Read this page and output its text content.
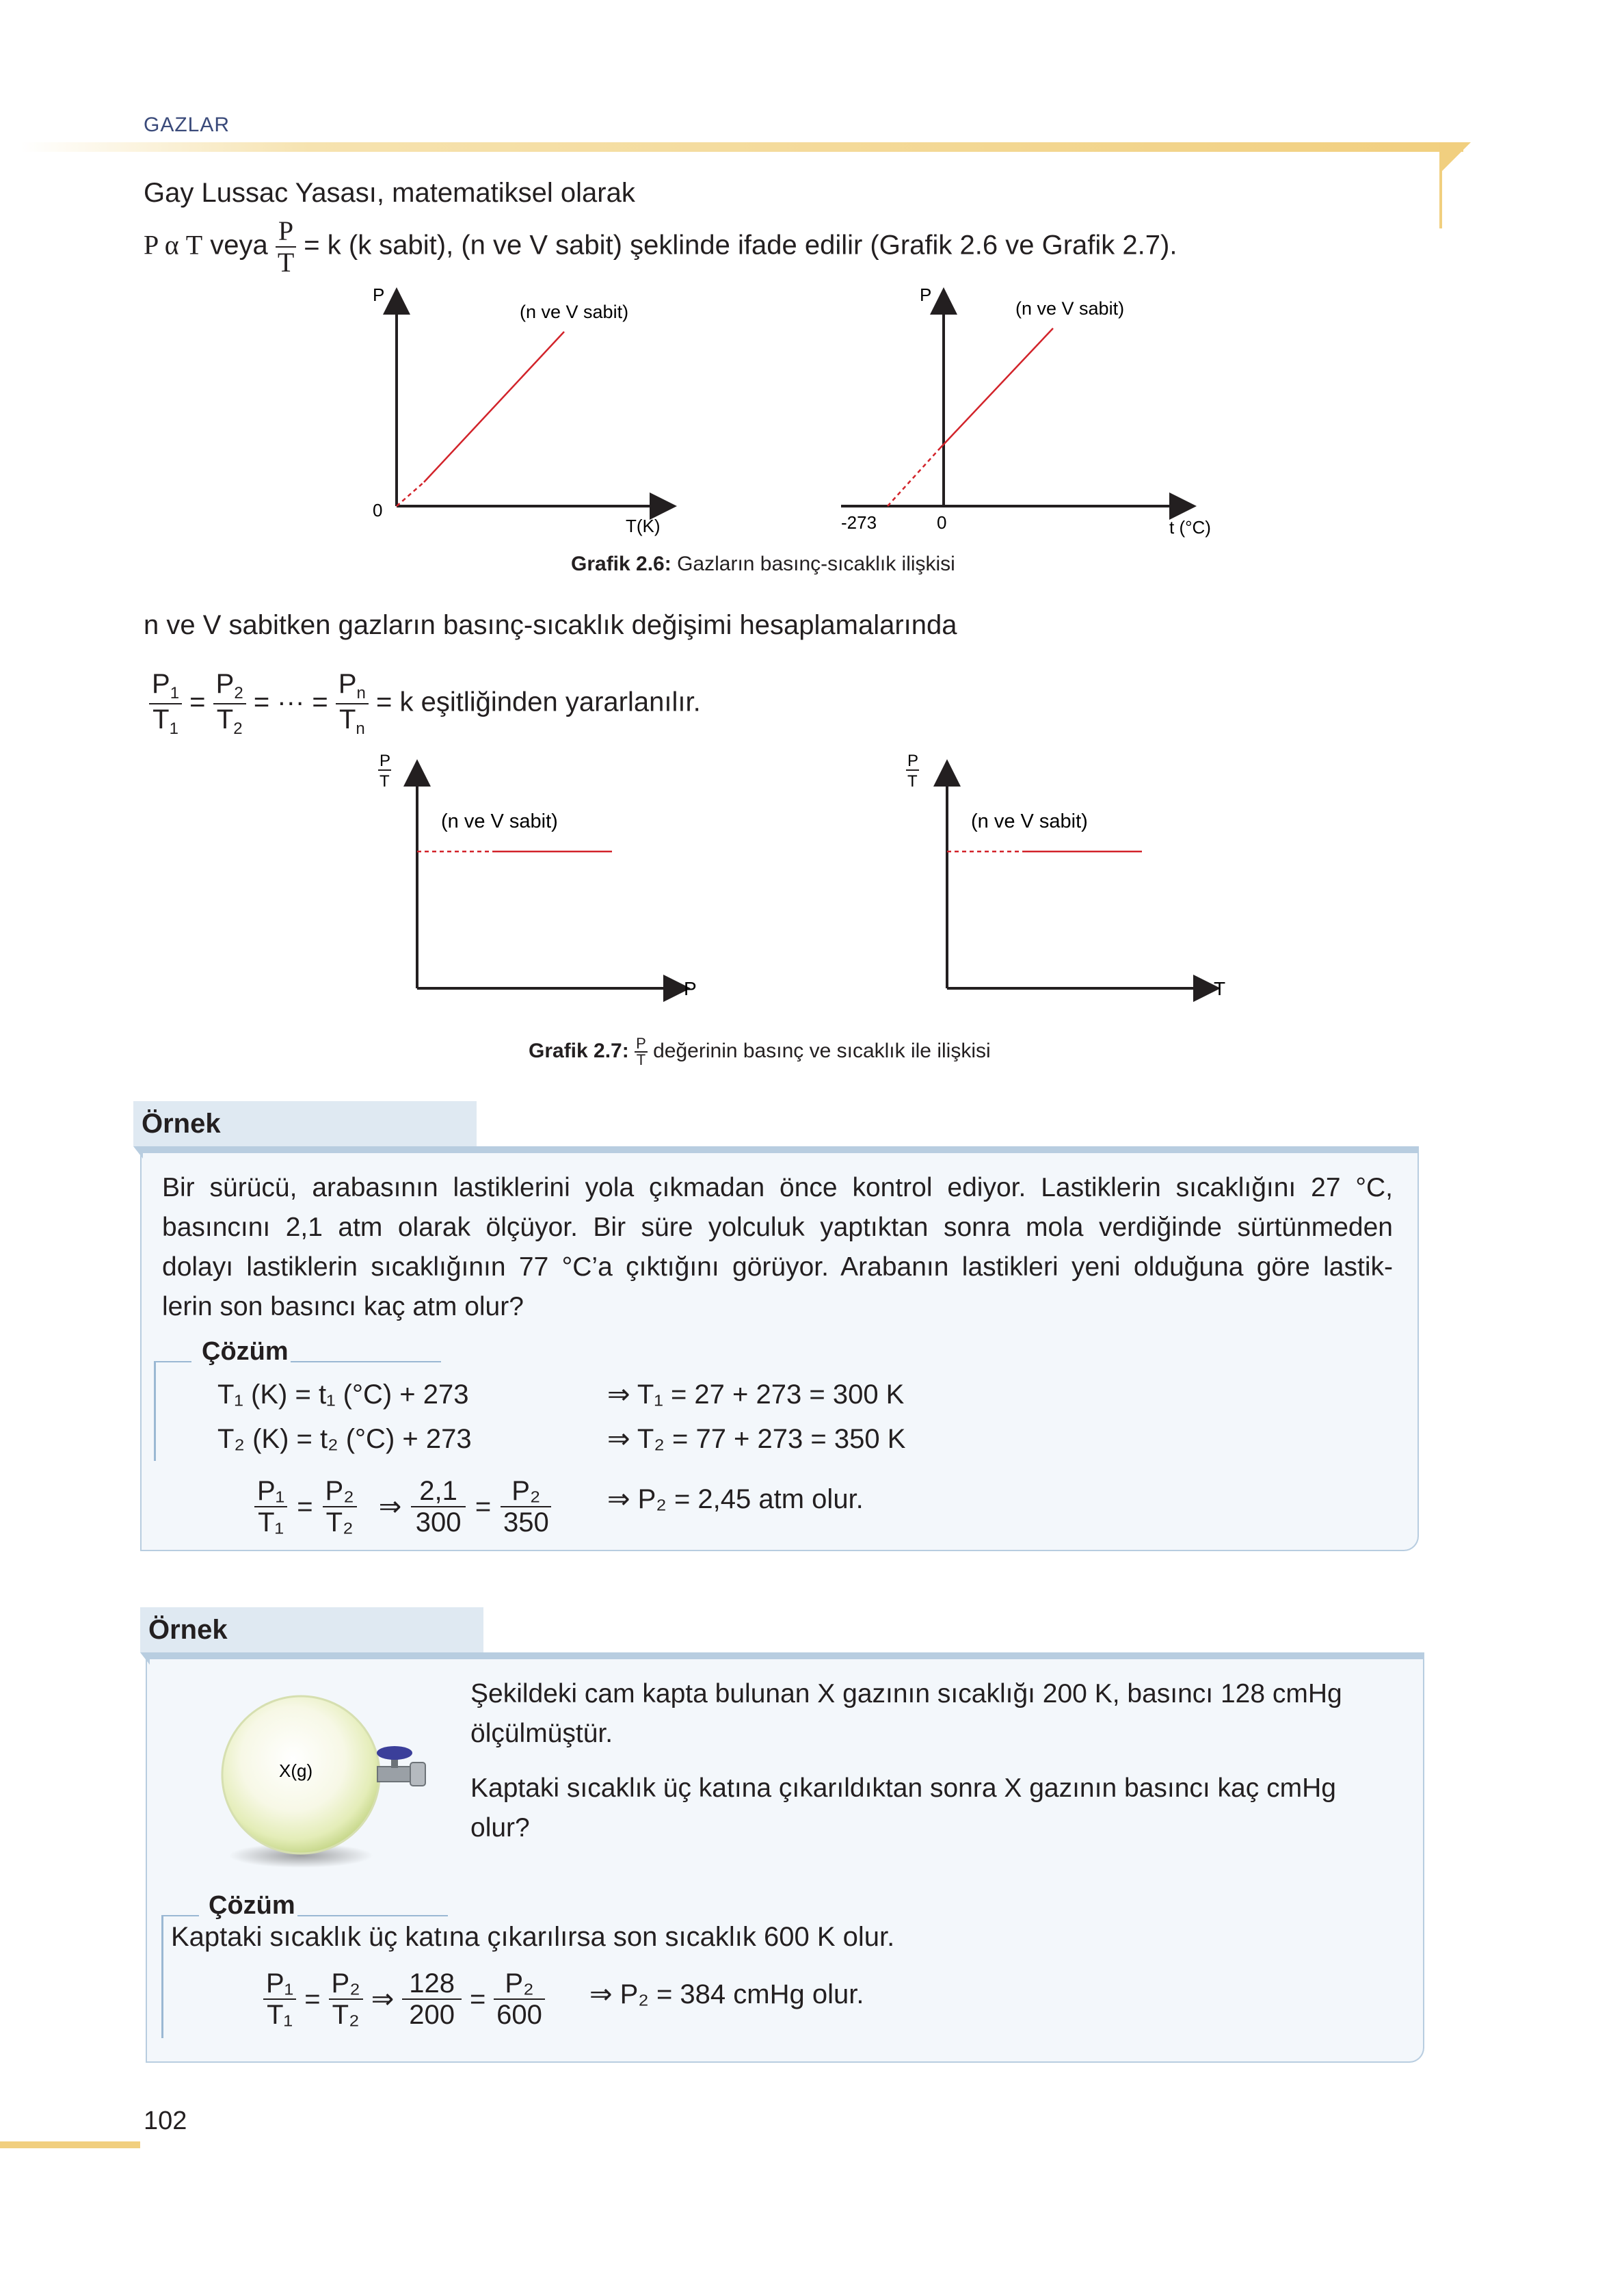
GAZLAR
Gay Lussac Yasası, matematiksel olarak
P α T veya $\frac{P}{T} = k$ (k sabit), (n ve V sabit) şeklinde ifade edilir (Grafik 2.6 ve Grafik 2.7).
P
0
T(K)
(n ve V sabit)
P
-273	0	t (°C)
(n ve V sabit)
Grafik 2.6: Gazların basınç-sıcaklık ilişkisi
n ve V sabitken gazların basınç-sıcaklık değişimi hesaplamalarında
$\frac{P_1}{T_1} = \frac{P_2}{T_2}$ = ··· = $\frac{P_n}{T_n} = k$ eşitliğinden yararlanılır.
P
T
P
(n ve V sabit)
P
T
T
(n ve V sabit)
Grafik 2.7: $\frac{P}{T}$ değerinin basınç ve sıcaklık ile ilişkisi
Örnek
Bir sürücü, arabasının lastiklerini yola çıkmadan önce kontrol ediyor. Lastiklerin sıcaklığını 27 °C,
basıncını 2,1 atm olarak ölçüyor. Bir süre yolculuk yaptıktan sonra mola verdiğinde sürtünmeden
dolayı lastiklerin sıcaklığının 77 °C’a çıktığını görüyor. Arabanın lastikleri yeni olduğuna göre lastik-
lerin son basıncı kaç atm olur?
Çözüm
T₁ (K) = t₁ (°C) + 273	⇒ T₁ = 27 + 273 = 300 K
T₂ (K) = t₂ (°C) + 273	⇒ T₂ = 77 + 273 = 350 K
$\frac{\text{P₁}}{\text{T₁}} = \frac{\text{P₂}}{\text{T₂}}$ ⇒ $\frac{2,1}{300} = \frac{\text{P₂}}{350}$ ⇒ P₂ = 2,45 atm olur.
Örnek
X(g)
Şekildeki cam kapta bulunan X gazının sıcaklığı 200 K, basıncı 128 cmHg
ölçülmüştür.
Kaptaki sıcaklık üç katına çıkarıldıktan sonra X gazının basıncı kaç cmHg
olur?
Çözüm
Kaptaki sıcaklık üç katına çıkarılırsa son sıcaklık 600 K olur.
$\frac{\text{P₁}}{\text{T₁}} = \frac{\text{P₂}}{\text{T₂}}$ ⇒ $\frac{128}{200} = \frac{\text{P₂}}{600}$ ⇒ P₂ = 384 cmHg olur.
102
